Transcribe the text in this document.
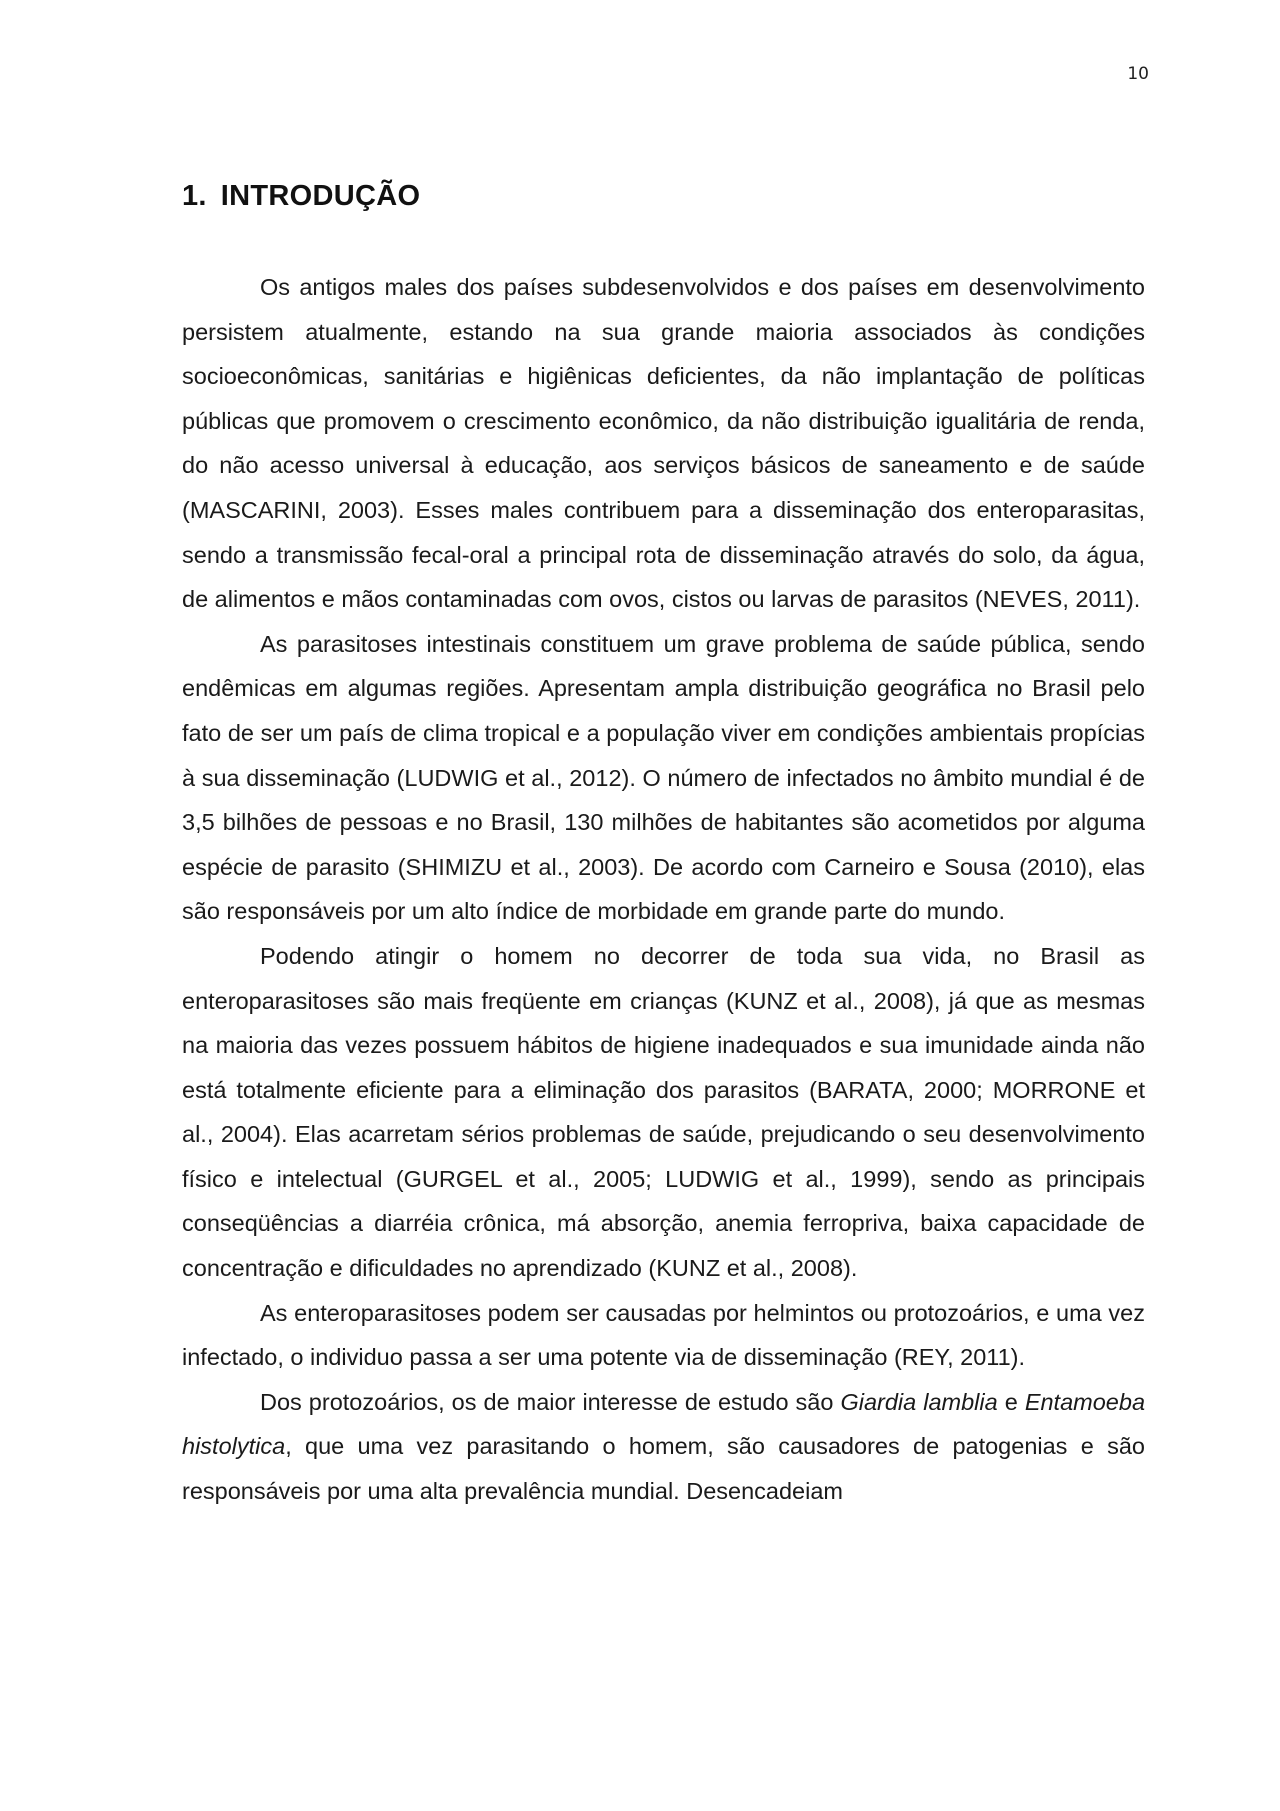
10
1. INTRODUÇÃO

Os antigos males dos países subdesenvolvidos e dos países em desenvolvimento persistem atualmente, estando na sua grande maioria associados às condições socioeconômicas, sanitárias e higiênicas deficientes, da não implantação de políticas públicas que promovem o crescimento econômico, da não distribuição igualitária de renda, do não acesso universal à educação, aos serviços básicos de saneamento e de saúde (MASCARINI, 2003). Esses males contribuem para a disseminação dos enteroparasitas, sendo a transmissão fecal-oral a principal rota de disseminação através do solo, da água, de alimentos e mãos contaminadas com ovos, cistos ou larvas de parasitos (NEVES, 2011).

As parasitoses intestinais constituem um grave problema de saúde pública, sendo endêmicas em algumas regiões. Apresentam ampla distribuição geográfica no Brasil pelo fato de ser um país de clima tropical e a população viver em condições ambientais propícias à sua disseminação (LUDWIG et al., 2012). O número de infectados no âmbito mundial é de 3,5 bilhões de pessoas e no Brasil, 130 milhões de habitantes são acometidos por alguma espécie de parasito (SHIMIZU et al., 2003). De acordo com Carneiro e Sousa (2010), elas são responsáveis por um alto índice de morbidade em grande parte do mundo.

Podendo atingir o homem no decorrer de toda sua vida, no Brasil as enteroparasitoses são mais freqüente em crianças (KUNZ et al., 2008), já que as mesmas na maioria das vezes possuem hábitos de higiene inadequados e sua imunidade ainda não está totalmente eficiente para a eliminação dos parasitos (BARATA, 2000; MORRONE et al., 2004). Elas acarretam sérios problemas de saúde, prejudicando o seu desenvolvimento físico e intelectual (GURGEL et al., 2005; LUDWIG et al., 1999), sendo as principais conseqüências a diarréia crônica, má absorção, anemia ferropriva, baixa capacidade de concentração e dificuldades no aprendizado (KUNZ et al., 2008).

As enteroparasitoses podem ser causadas por helmintos ou protozoários, e uma vez infectado, o individuo passa a ser uma potente via de disseminação (REY, 2011).

Dos protozoários, os de maior interesse de estudo são Giardia lamblia e Entamoeba histolytica, que uma vez parasitando o homem, são causadores de patogenias e são responsáveis por uma alta prevalência mundial. Desencadeiam
